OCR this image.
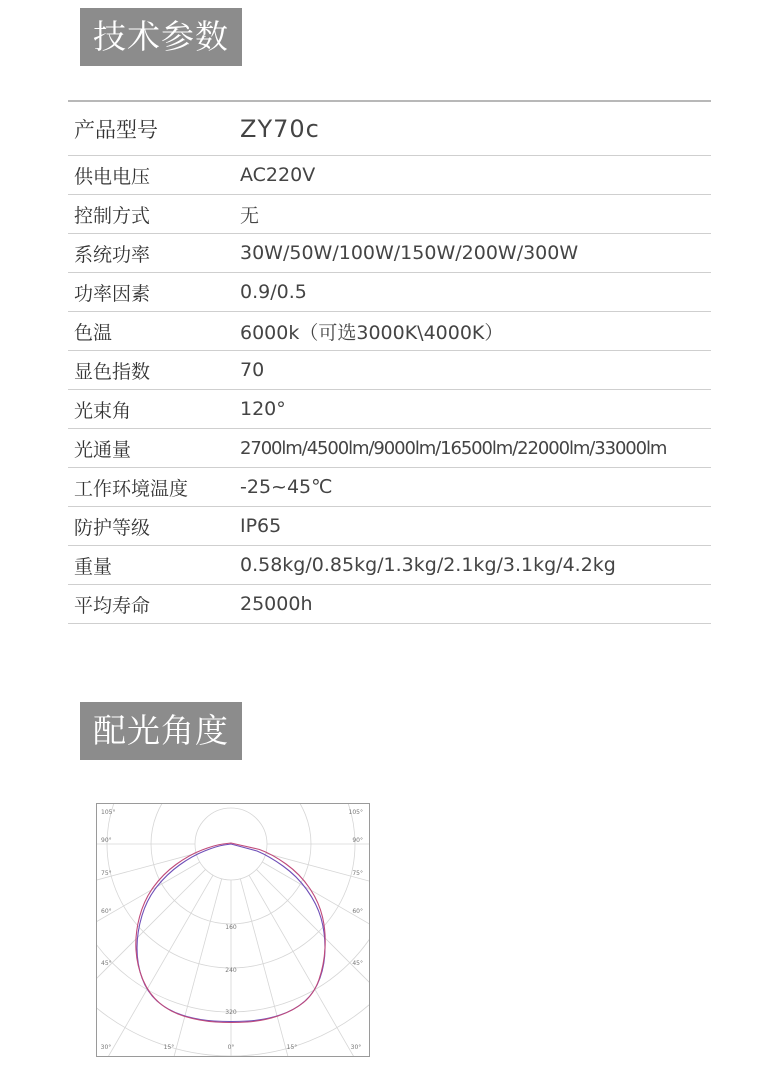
技术参数
产品型号	ZY70c
供电电压	AC220V
控制方式	无
系统功率	30W/50W/100W/150W/200W/300W
功率因素	0.9/0.5
色温	6000k（可选3000K\4000K）
显色指数	70
光束角	120°
光通量	2700lm/4500lm/9000lm/16500lm/22000lm/33000lm
工作环境温度	-25~45℃
防护等级	IP65
重量	0.58kg/0.85kg/1.3kg/2.1kg/3.1kg/4.2kg
平均寿命	25000h
配光角度
105°
90°
75°
60°
45°
105°
90°
75°
60°
45°
30°	15°	0°	15°	30°
160
240
320
